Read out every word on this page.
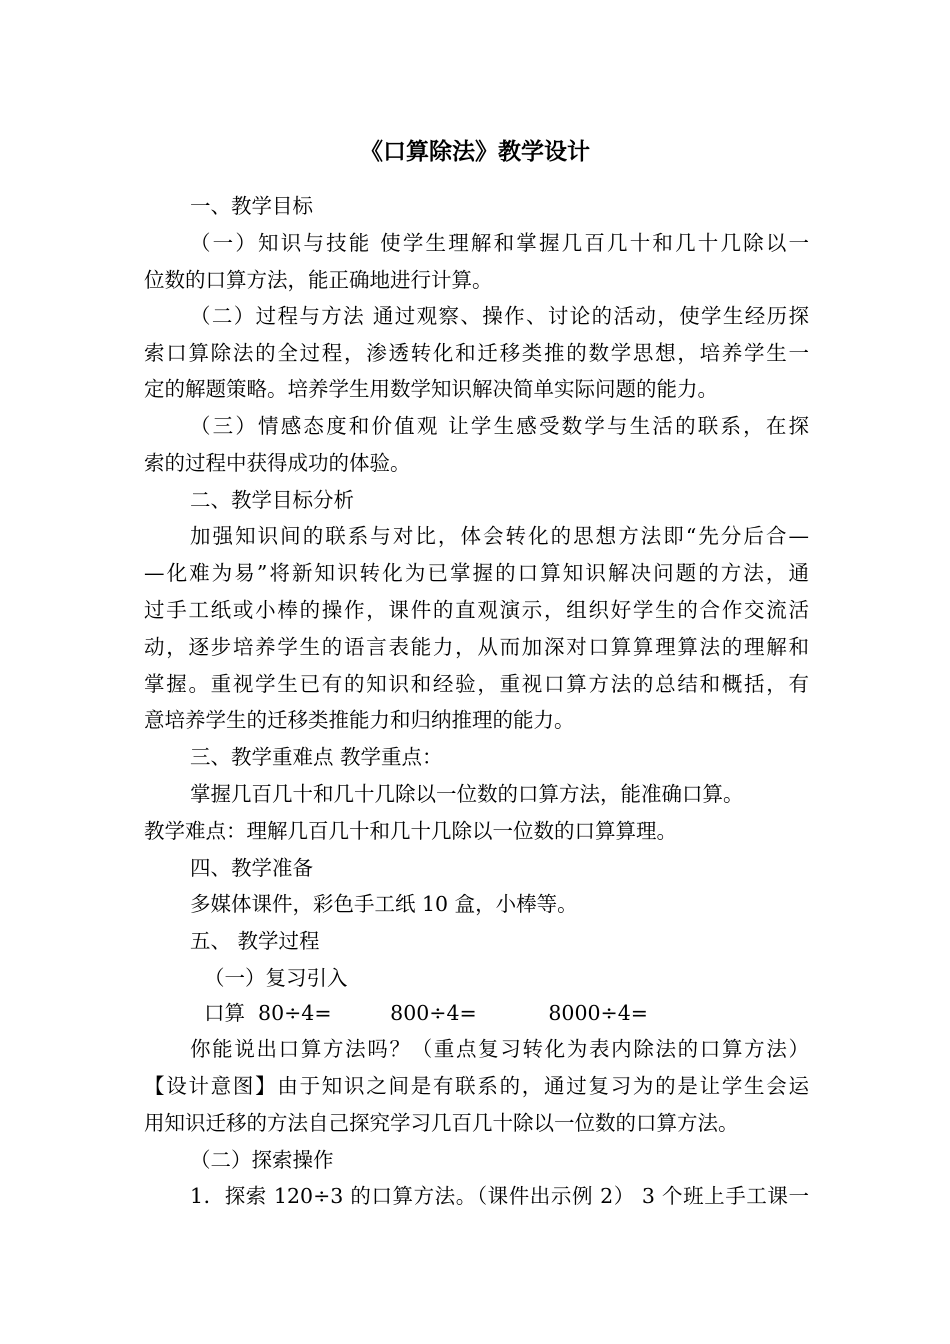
《口算除法》教学设计
一、教学目标
（一）知识与技能 使学生理解和掌握几百几十和几十几除以一
位数的口算方法，能正确地进行计算。
（二）过程与方法 通过观察、操作、讨论的活动，使学生经历探
索口算除法的全过程，渗透转化和迁移类推的数学思想，培养学生一
定的解题策略。培养学生用数学知识解决简单实际问题的能力。
（三）情感态度和价值观 让学生感受数学与生活的联系，在探
索的过程中获得成功的体验。
二、教学目标分析
加强知识间的联系与对比，体会转化的思想方法即“先分后合—
—化难为易”将新知识转化为已掌握的口算知识解决问题的方法，通
过手工纸或小棒的操作，课件的直观演示，组织好学生的合作交流活
动，逐步培养学生的语言表能力，从而加深对口算算理算法的理解和
掌握。重视学生已有的知识和经验，重视口算方法的总结和概括，有
意培养学生的迁移类推能力和归纳推理的能力。
三、教学重难点 教学重点：
掌握几百几十和几十几除以一位数的口算方法，能准确口算。
教学难点：理解几百几十和几十几除以一位数的口算算理。
四、教学准备
多媒体课件，彩色手工纸 10 盒，小棒等。
五、 教学过程
（一）复习引入
口算  80÷4=         800÷4=           8000÷4=
你能说出口算方法吗？（重点复习转化为表内除法的口算方法）
【设计意图】由于知识之间是有联系的，通过复习为的是让学生会运
用知识迁移的方法自己探究学习几百几十除以一位数的口算方法。
（二）探索操作
1．探索 120÷3 的口算方法。（课件出示例 2） 3 个班上手工课一
